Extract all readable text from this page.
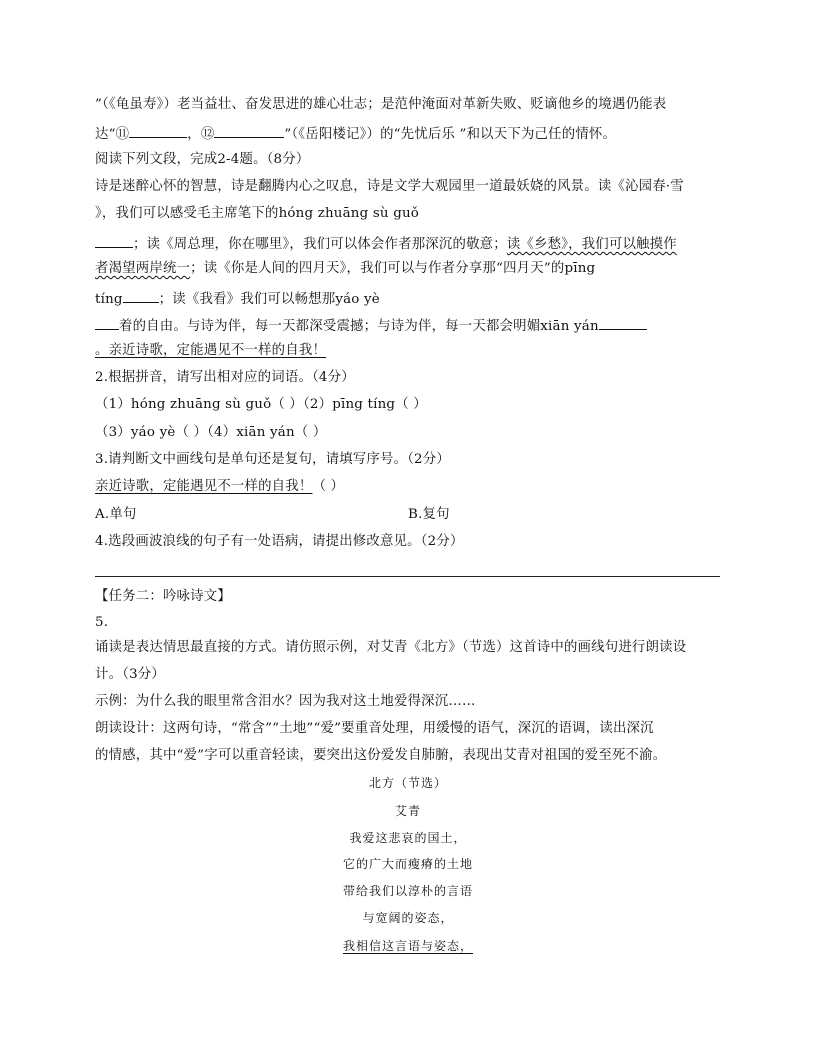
”（《龟虽寿》）老当益壮、奋发思进的雄心壮志；是范仲淹面对革新失败、贬谪他乡的境遇仍能表
达“⑪	，⑫	”（《岳阳楼记》）的“先忧后乐 ”和以天下为己任的情怀。
阅读下列文段，完成2-4题。（8分）
诗是迷醉心怀的智慧，诗是翻腾内心之叹息，诗是文学大观园里一道最妖娆的风景。读《沁园春·雪
》，我们可以感受毛主席笔下的hóng zhuāng sù guǒ
；读《周总理，你在哪里》，我们可以体会作者那深沉的敬意；读《乡愁》，我们可以触摸作
者渴望两岸统一；读《你是人间的四月天》，我们可以与作者分享那“四月天”的pīng
tíng	；读《我看》我们可以畅想那yáo yè
着的自由。与诗为伴，每一天都深受震撼；与诗为伴，每一天都会明媚xiān yán
。亲近诗歌，定能遇见不一样的自我！
2.根据拼音，请写出相对应的词语。（4分）
（1）hóng zhuāng sù guǒ（ ）（2）pīng tíng（ ）
（3）yáo yè（ ）（4）xiān yán（ ）
3.请判断文中画线句是单句还是复句，请填写序号。（2分）
亲近诗歌，定能遇见不一样的自我！（ ）
A.单句	B.复句
4.选段画波浪线的句子有一处语病，请提出修改意见。（2分）
【任务二：吟咏诗文】
5.
诵读是表达情思最直接的方式。请仿照示例，对艾青《北方》（节选）这首诗中的画线句进行朗读设
计。（3分）
示例：为什么我的眼里常含泪水？因为我对这土地爱得深沉……
朗读设计：这两句诗，“常含”“土地”“爱”要重音处理，用缓慢的语气，深沉的语调，读出深沉
的情感，其中“爱”字可以重音轻读，要突出这份爱发自肺腑，表现出艾青对祖国的爱至死不渝。
北方（节选）
艾青
我爱这悲哀的国土，
它的广大而瘦瘠的土地
带给我们以淳朴的言语
与宽阔的姿态，
我相信这言语与姿态，
